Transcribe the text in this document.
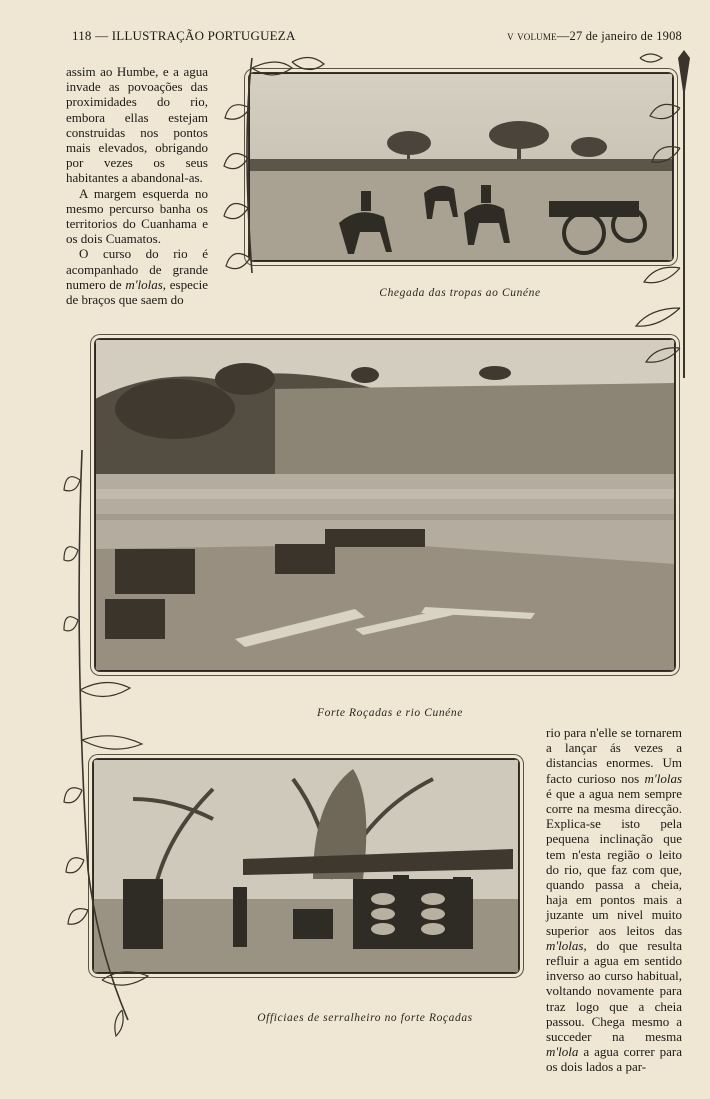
118 — ILLUSTRAÇÃO PORTUGUEZA	v volume—27 de janeiro de 1908

assim ao Humbe, e a agua invade as povoações das proximidades do rio, embora ellas estejam construidas nos pontos mais elevados, obrigando por vezes os seus habitantes a abandonal-as.

A margem esquerda no mesmo percurso banha os territorios do Cuanhama e os dois Cuamatos.

O curso do rio é acompanhado de grande numero de m'lolas, especie de braços que saem do	Chegada das tropas ao Cunéne
Forte Roçadas e rio Cunéne

rio para n'elle se tornarem a lançar ás vezes a distancias enormes. Um facto curioso nos m'lolas é que a agua nem sempre corre na mesma direcção. Explica-se isto pela pequena inclinação que tem n'esta região o leito do rio, que faz com que, quando passa a cheia, haja em pontos mais a juzante um nivel muito superior aos leitos das m'lolas, do que resulta refluir a agua em sentido inverso ao curso habitual, voltando novamente para traz logo que a cheia passou. Chega mesmo a succeder na mesma m'lola a agua correr para os dois lados a par-

Officiaes de serralheiro no forte Roçadas
